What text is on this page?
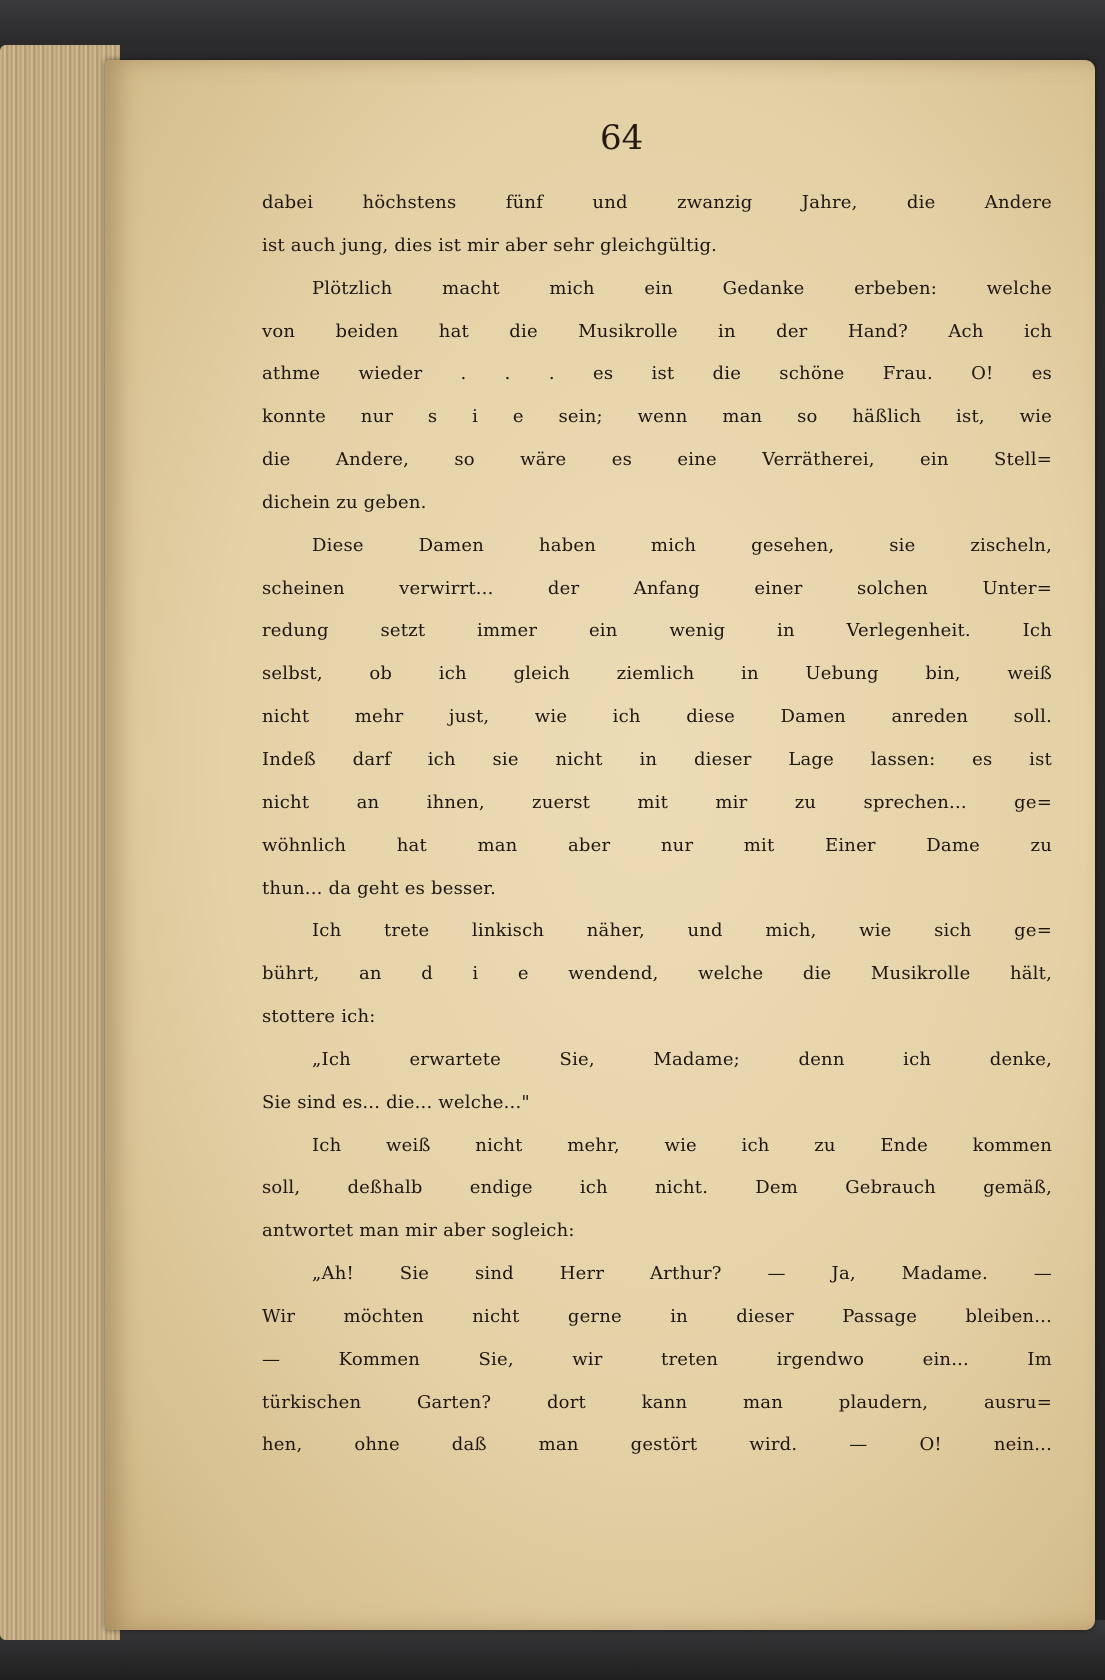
64
dabei höchstens fünf und zwanzig Jahre, die Andere
ist auch jung, dies ist mir aber sehr gleichgültig.
Plötzlich macht mich ein Gedanke erbeben: welche
von beiden hat die Musikrolle in der Hand? Ach ich
athme wieder . . . es ist die schöne Frau. O! es
konnte nur s i e sein; wenn man so häßlich ist, wie
die Andere, so wäre es eine Verrätherei, ein Stell=
dichein zu geben.
Diese Damen haben mich gesehen, sie zischeln,
scheinen verwirrt... der Anfang einer solchen Unter=
redung setzt immer ein wenig in Verlegenheit. Ich
selbst, ob ich gleich ziemlich in Uebung bin, weiß
nicht mehr just, wie ich diese Damen anreden soll.
Indeß darf ich sie nicht in dieser Lage lassen: es ist
nicht an ihnen, zuerst mit mir zu sprechen... ge=
wöhnlich hat man aber nur mit Einer Dame zu
thun... da geht es besser.
Ich trete linkisch näher, und mich, wie sich ge=
bührt, an d i e wendend, welche die Musikrolle hält,
stottere ich:
„Ich erwartete Sie, Madame; denn ich denke,
Sie sind es... die... welche..."
Ich weiß nicht mehr, wie ich zu Ende kommen
soll, deßhalb endige ich nicht. Dem Gebrauch gemäß,
antwortet man mir aber sogleich:
„Ah! Sie sind Herr Arthur? — Ja, Madame. —
Wir möchten nicht gerne in dieser Passage bleiben...
— Kommen Sie, wir treten irgendwo ein... Im
türkischen Garten? dort kann man plaudern, ausru=
hen, ohne daß man gestört wird. — O! nein...
